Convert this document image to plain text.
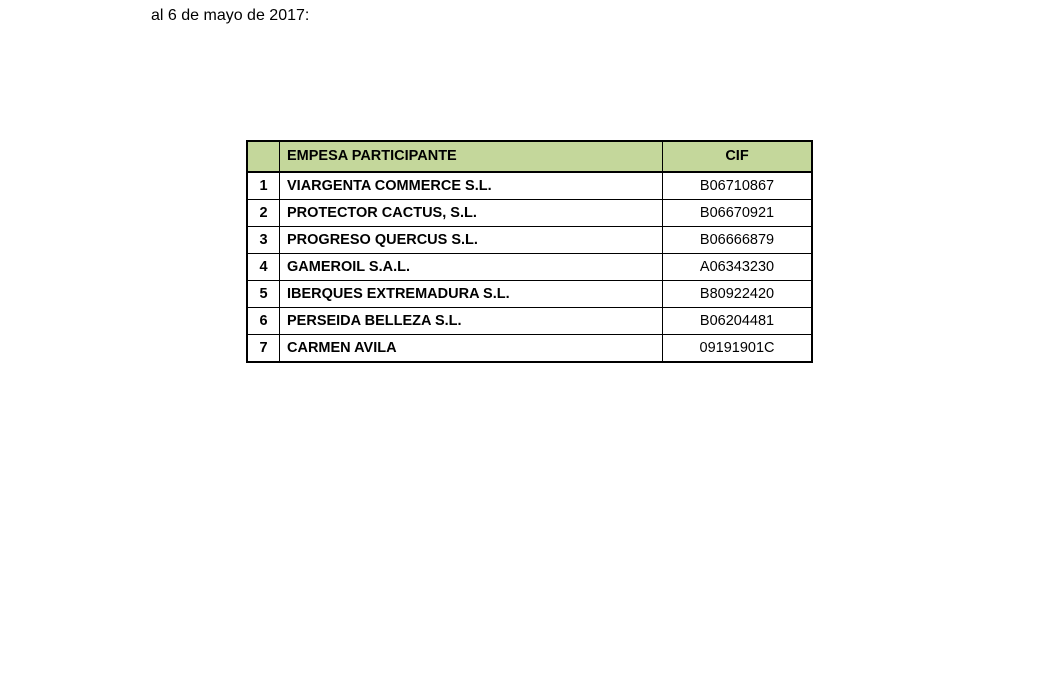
al 6 de mayo de 2017:
	EMPESA PARTICIPANTE	CIF
1	VIARGENTA COMMERCE S.L.	B06710867
2	PROTECTOR CACTUS, S.L.	B06670921
3	PROGRESO QUERCUS S.L.	B06666879
4	GAMEROIL S.A.L.	A06343230
5	IBERQUES EXTREMADURA S.L.	B80922420
6	PERSEIDA BELLEZA S.L.	B06204481
7	CARMEN AVILA	09191901C
